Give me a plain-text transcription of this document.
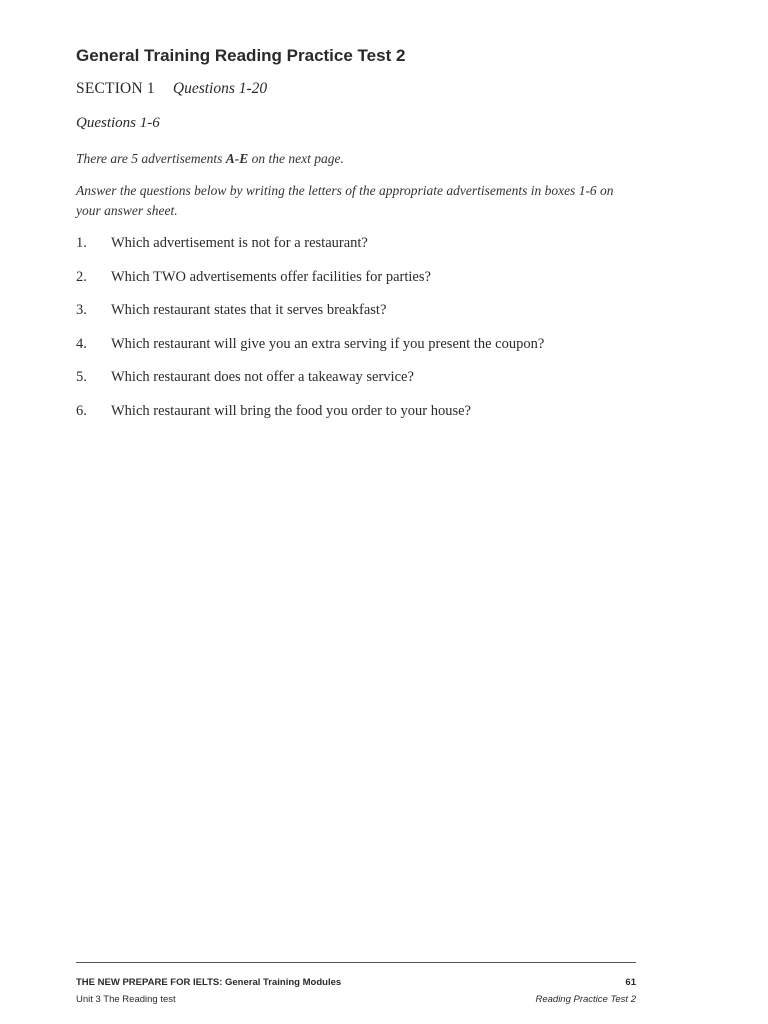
General Training Reading Practice Test 2
SECTION 1 Questions 1-20
Questions 1-6
There are 5 advertisements A-E on the next page.
Answer the questions below by writing the letters of the appropriate advertisements in boxes 1-6 on your answer sheet.
1. Which advertisement is not for a restaurant?
2. Which TWO advertisements offer facilities for parties?
3. Which restaurant states that it serves breakfast?
4. Which restaurant will give you an extra serving if you present the coupon?
5. Which restaurant does not offer a takeaway service?
6. Which restaurant will bring the food you order to your house?
THE NEW PREPARE FOR IELTS: General Training Modules
Unit 3 The Reading test
61
Reading Practice Test 2
